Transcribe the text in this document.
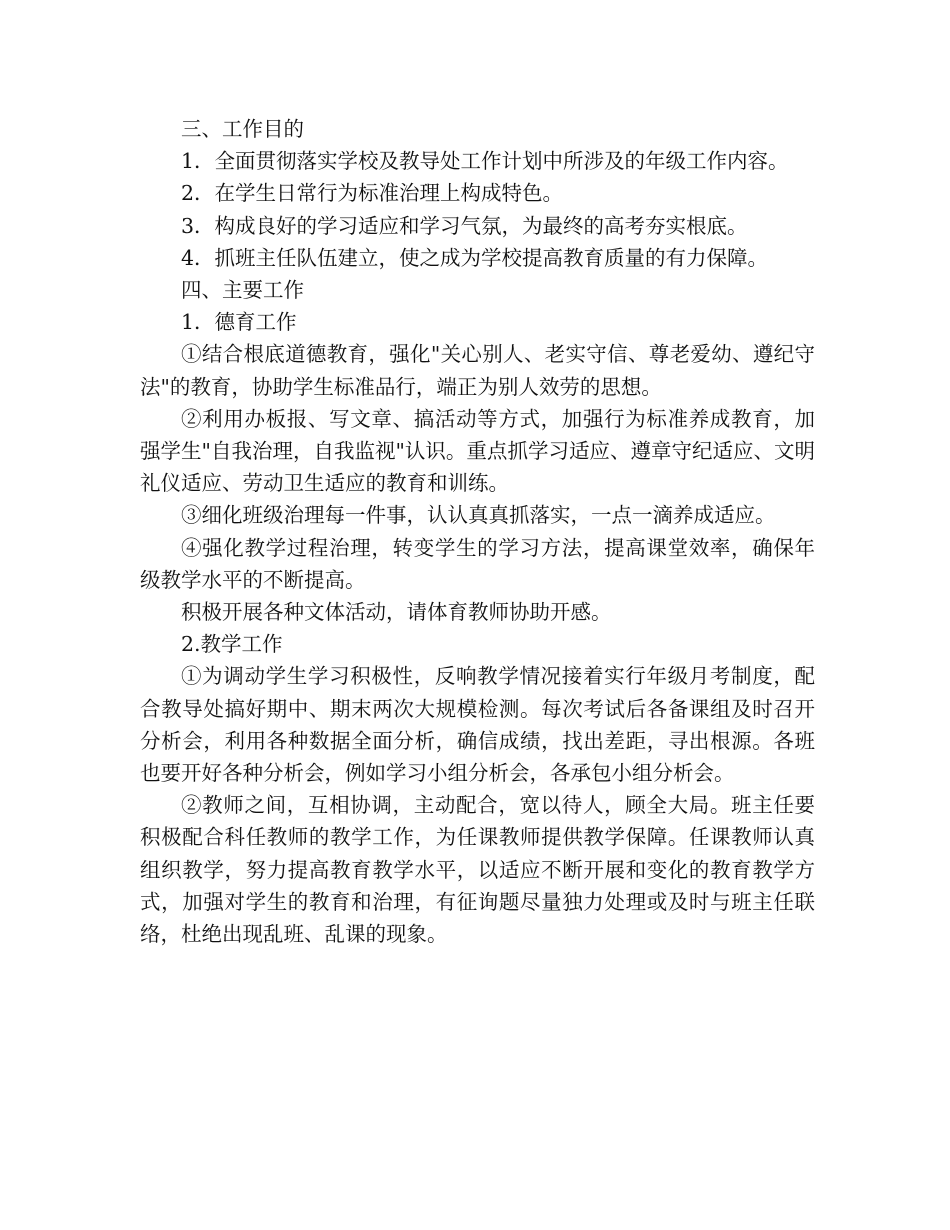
三、工作目的

1．全面贯彻落实学校及教导处工作计划中所涉及的年级工作内容。

2．在学生日常行为标准治理上构成特色。

3．构成良好的学习适应和学习气氛，为最终的高考夯实根底。

4．抓班主任队伍建立，使之成为学校提高教育质量的有力保障。

四、主要工作

1．德育工作

①结合根底道德教育，强化"关心别人、老实守信、尊老爱幼、遵纪守法"的教育，协助学生标准品行，端正为别人效劳的思想。

②利用办板报、写文章、搞活动等方式，加强行为标准养成教育，加强学生"自我治理，自我监视"认识。重点抓学习适应、遵章守纪适应、文明礼仪适应、劳动卫生适应的教育和训练。

③细化班级治理每一件事，认认真真抓落实，一点一滴养成适应。

④强化教学过程治理，转变学生的学习方法，提高课堂效率，确保年级教学水平的不断提高。

积极开展各种文体活动，请体育教师协助开感。

2.教学工作

①为调动学生学习积极性，反响教学情况接着实行年级月考制度，配合教导处搞好期中、期末两次大规模检测。每次考试后各备课组及时召开分析会，利用各种数据全面分析，确信成绩，找出差距，寻出根源。各班也要开好各种分析会，例如学习小组分析会，各承包小组分析会。

②教师之间，互相协调，主动配合，宽以待人，顾全大局。班主任要积极配合科任教师的教学工作，为任课教师提供教学保障。任课教师认真组织教学，努力提高教育教学水平，以适应不断开展和变化的教育教学方式，加强对学生的教育和治理，有征询题尽量独力处理或及时与班主任联络，杜绝出现乱班、乱课的现象。
